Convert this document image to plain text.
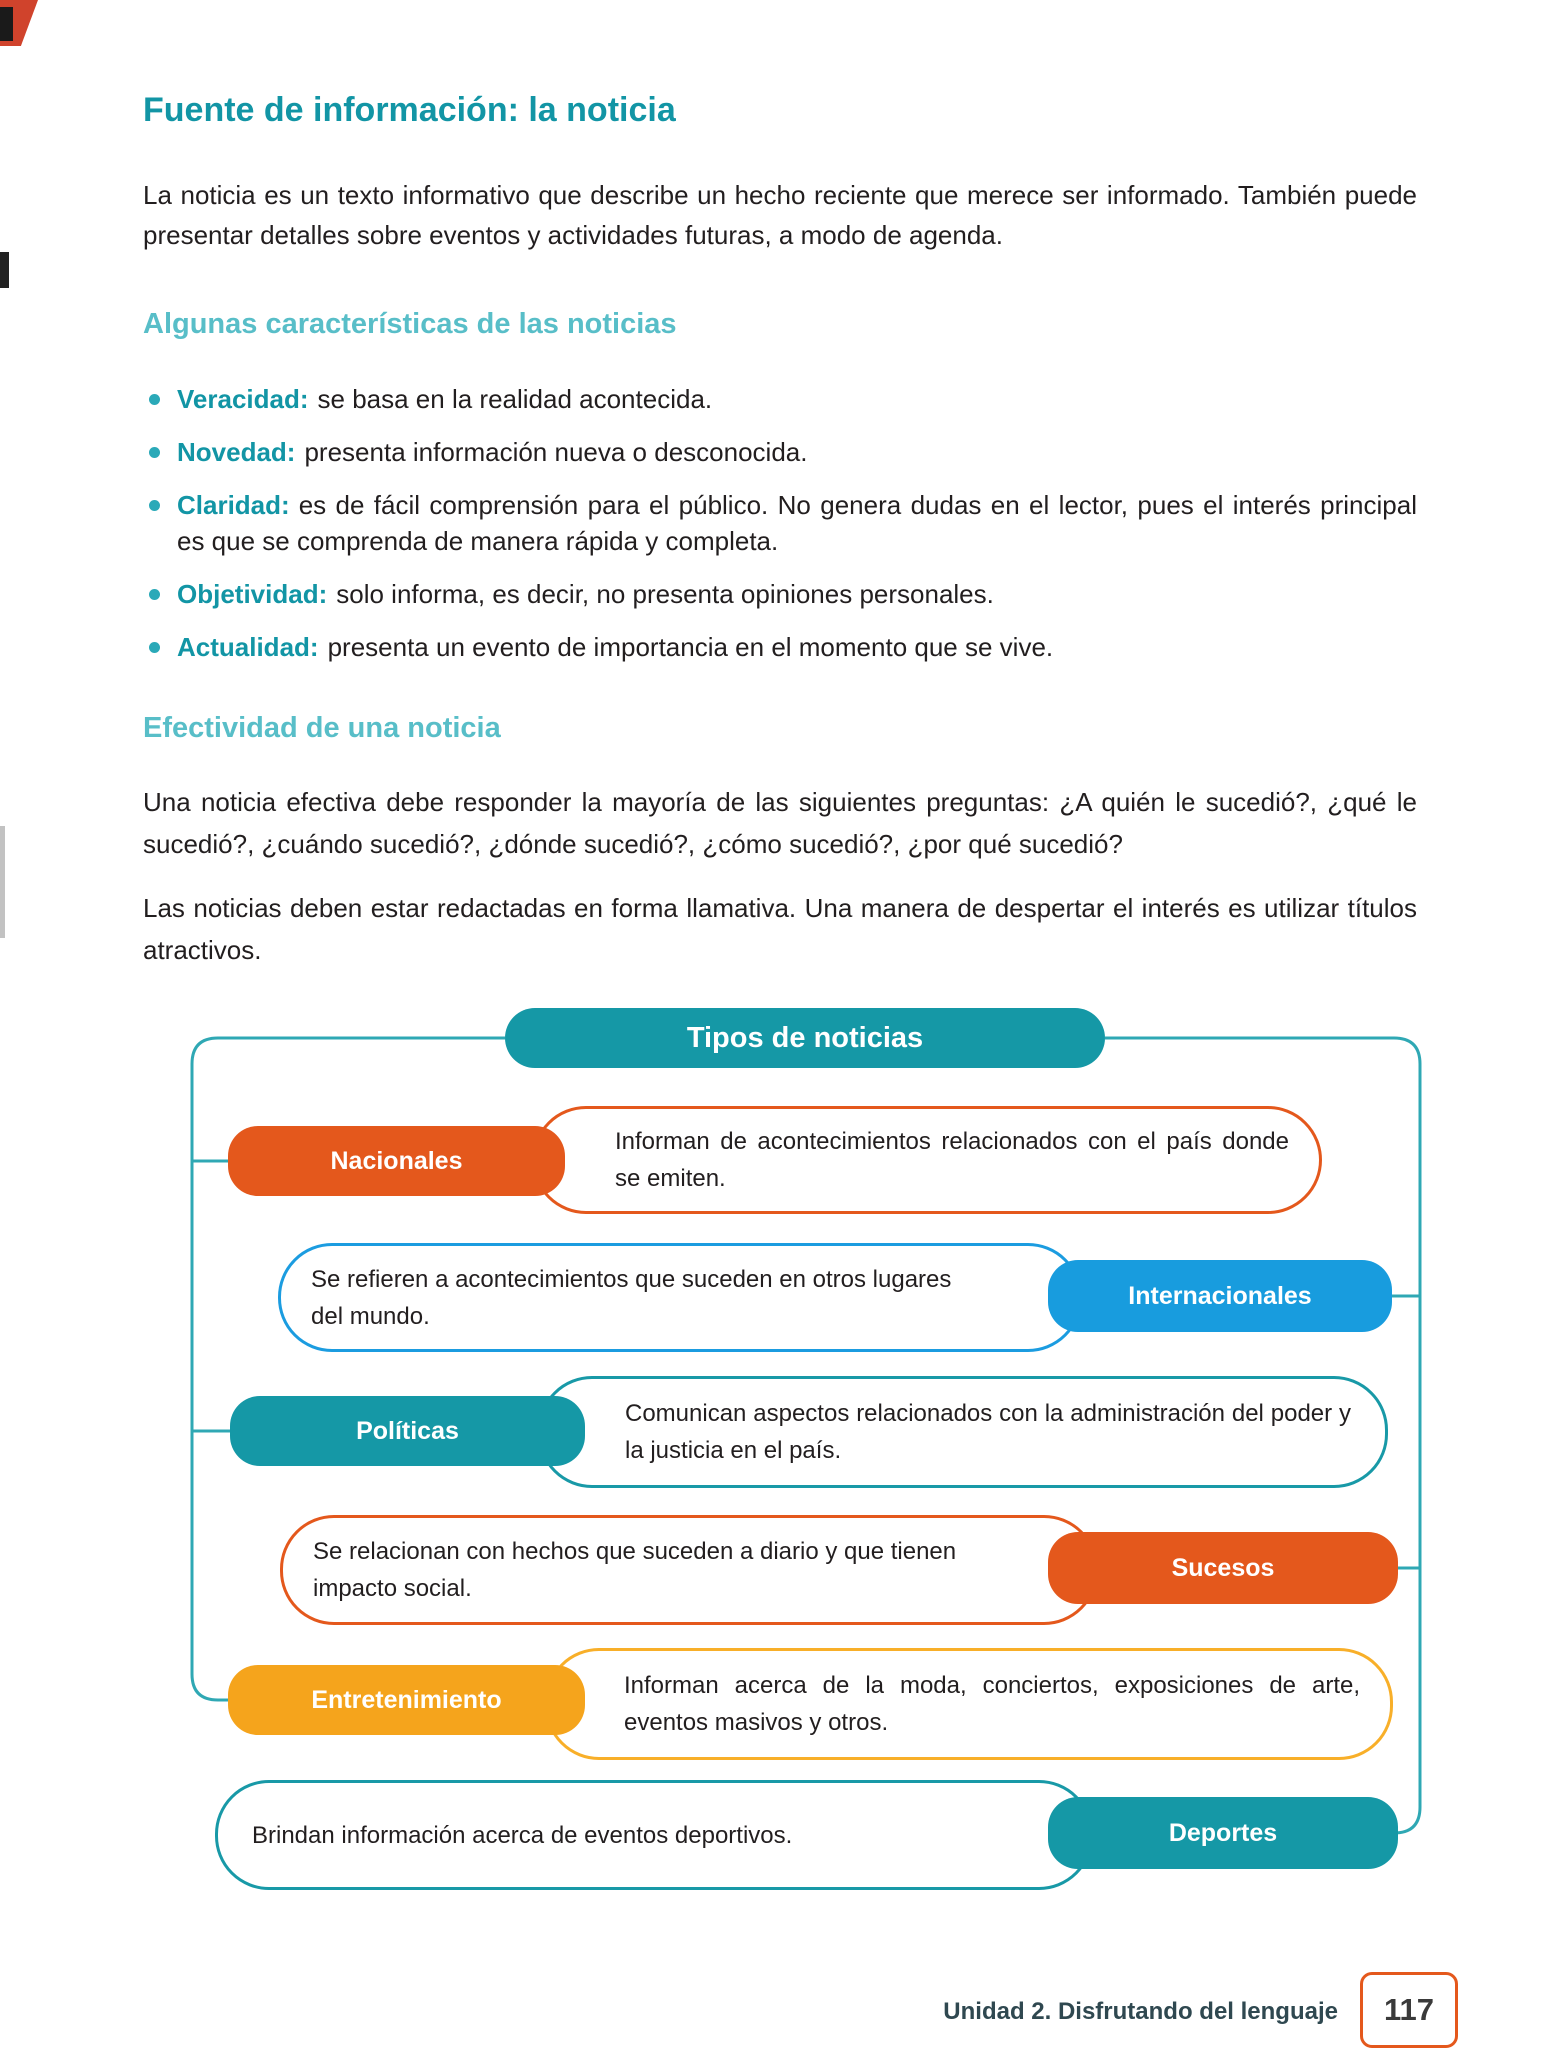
Fuente de información: la noticia

La noticia es un texto informativo que describe un hecho reciente que merece ser informado. También puede presentar detalles sobre eventos y actividades futuras, a modo de agenda.

Algunas características de las noticias
Veracidad: se basa en la realidad acontecida.
Novedad: presenta información nueva o desconocida.
Claridad: es de fácil comprensión para el público. No genera dudas en el lector, pues el interés principal es que se comprenda de manera rápida y completa.
Objetividad: solo informa, es decir, no presenta opiniones personales.
Actualidad: presenta un evento de importancia en el momento que se vive.
Efectividad de una noticia

Una noticia efectiva debe responder la mayoría de las siguientes preguntas: ¿A quién le sucedió?, ¿qué le sucedió?, ¿cuándo sucedió?, ¿dónde sucedió?, ¿cómo sucedió?, ¿por qué sucedió?

Las noticias deben estar redactadas en forma llamativa. Una manera de despertar el interés es utilizar títulos atractivos.

Tipos de noticias

Informan de acontecimientos relacionados con el país donde se emiten.

Nacionales

Se refieren a acontecimientos que suceden en otros lugares del mundo.

Internacionales

Comunican aspectos relacionados con la administración del poder y la justicia en el país.

Políticas

Se relacionan con hechos que suceden a diario y que tienen impacto social.

Sucesos

Informan acerca de la moda, conciertos, exposiciones de arte, eventos masivos y otros.

Entretenimiento

Brindan información acerca de eventos deportivos.	Deportes
Unidad 2. Disfrutando del lenguaje 117
